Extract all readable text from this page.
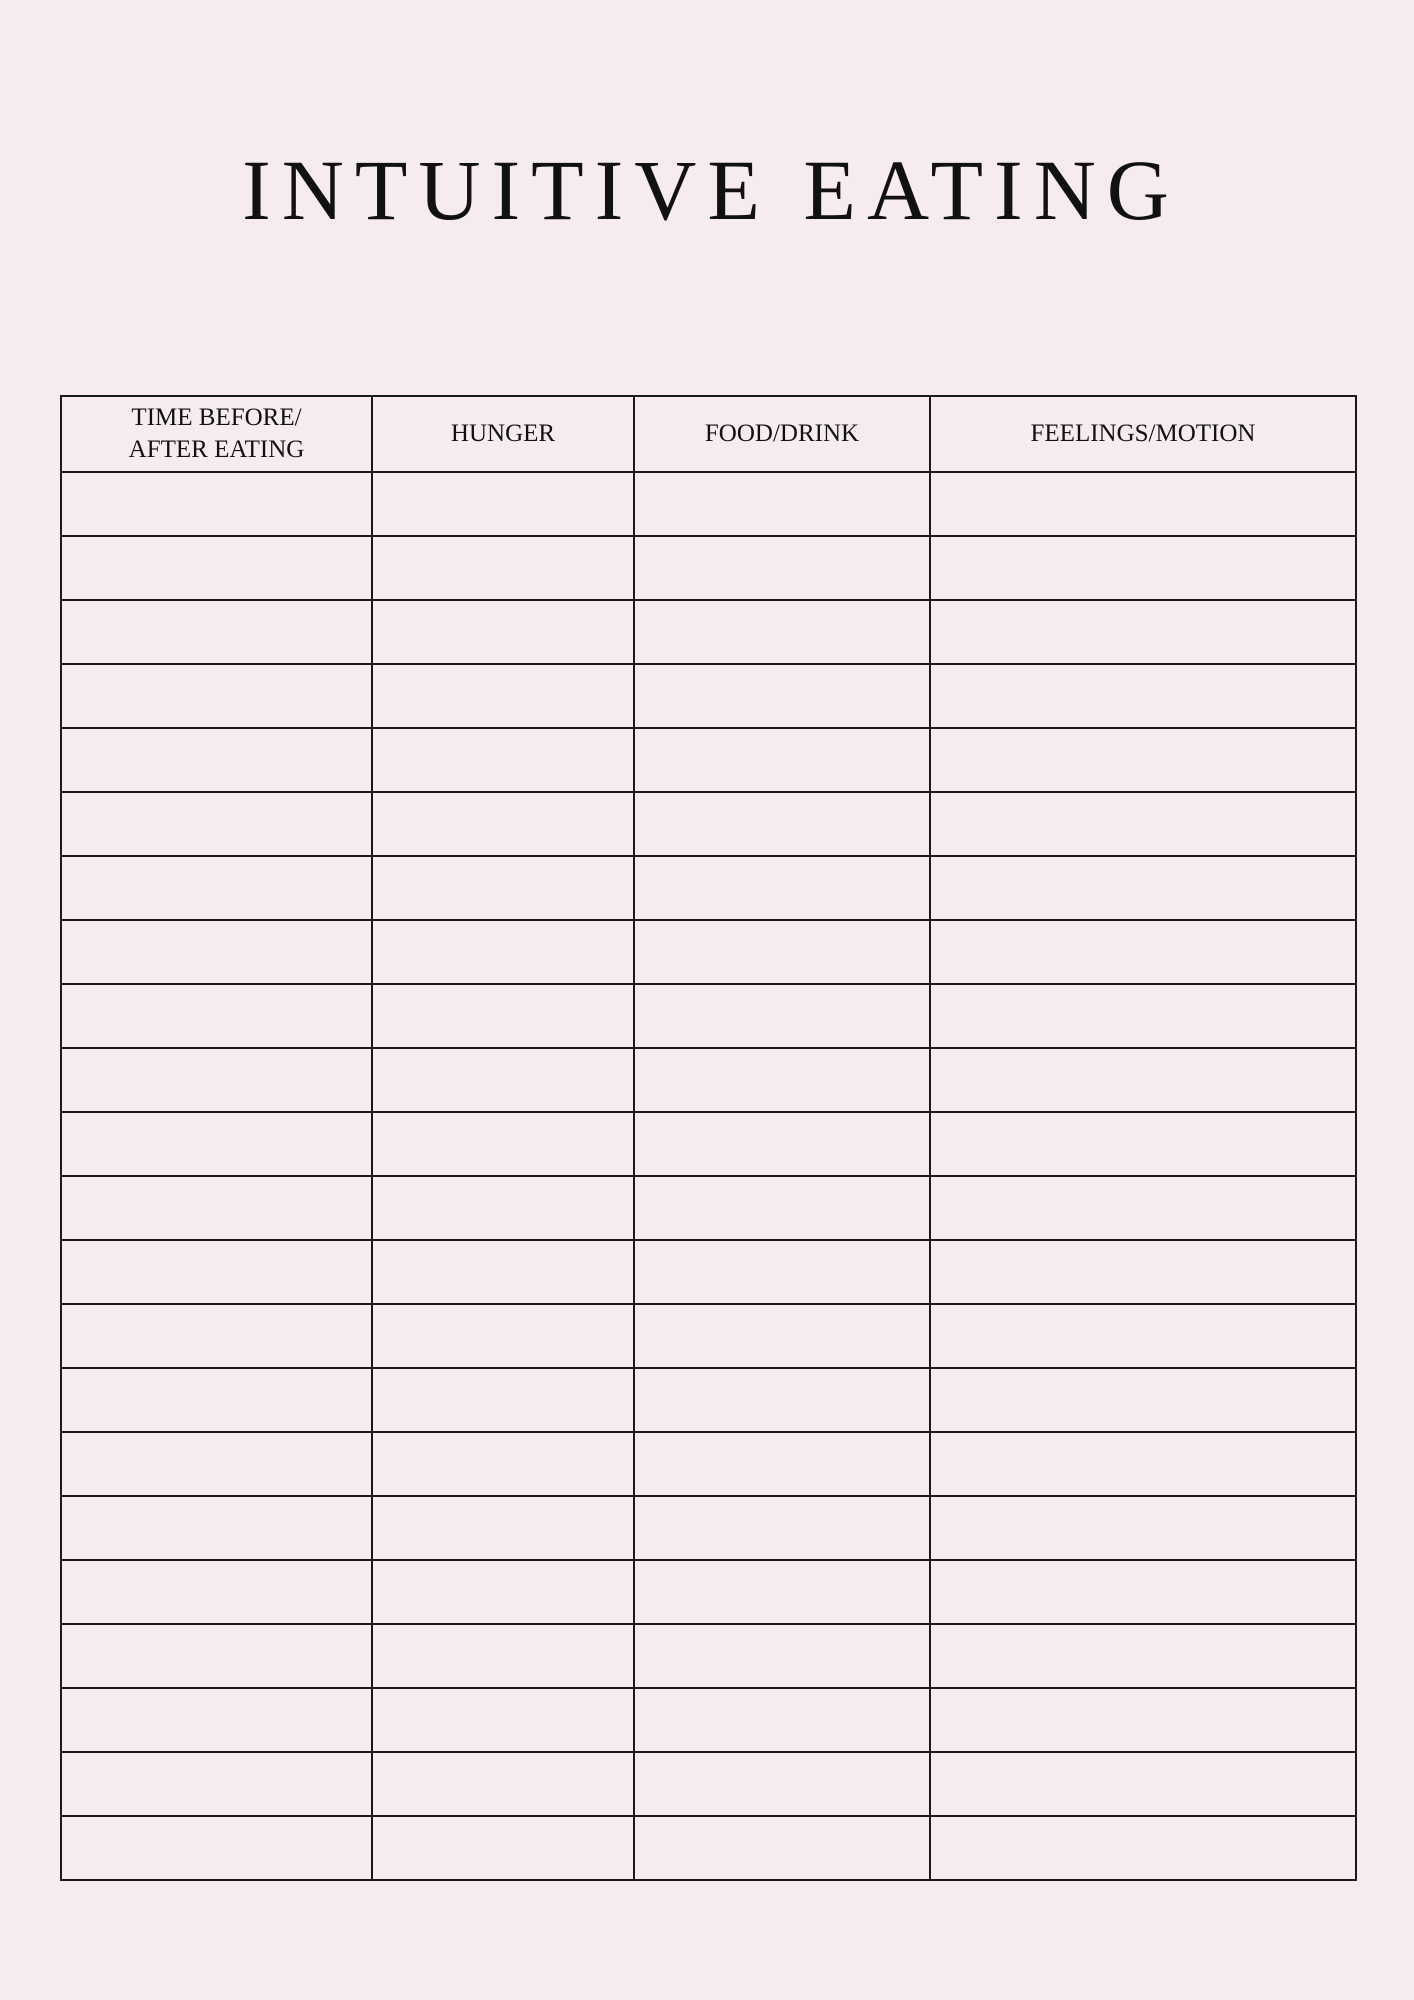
INTUITIVE EATING
TIME BEFORE/
AFTER EATING	HUNGER	FOOD/DRINK	FEELINGS/MOTION
